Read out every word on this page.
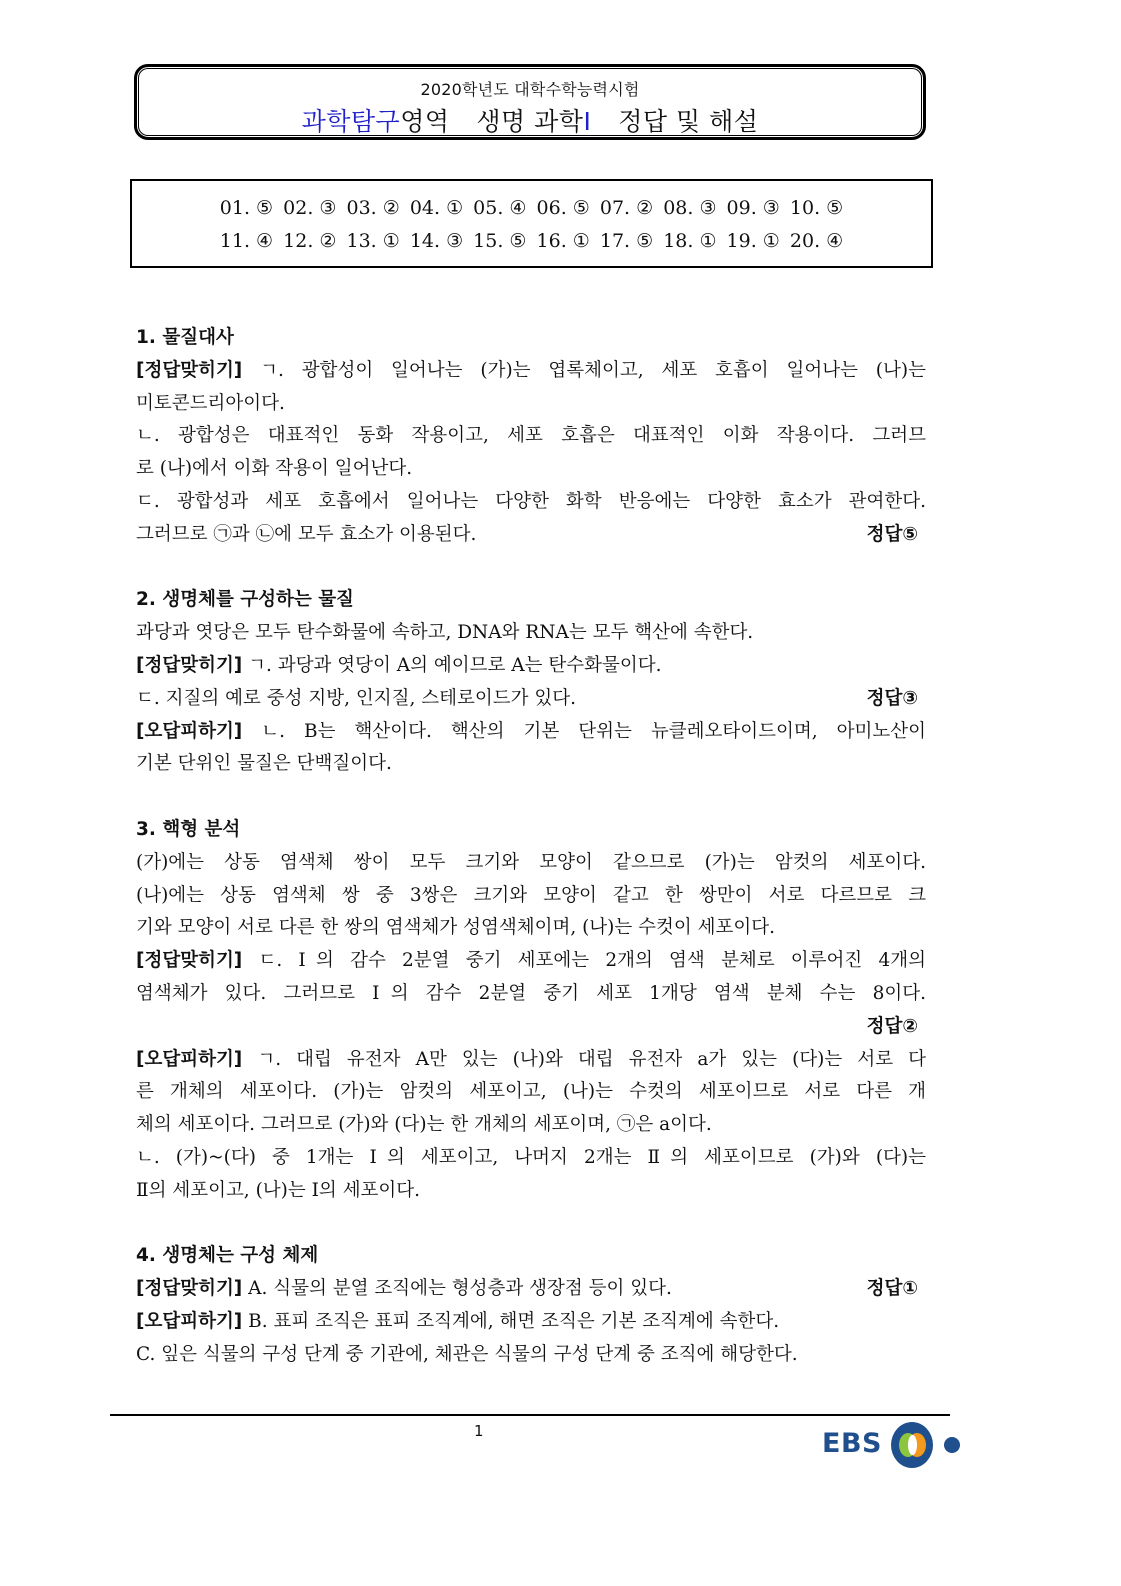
2020학년도 대학수학능력시험
과학탐구영역 생명 과학Ⅰ 정답 및 해설
01. ⑤ 02. ③ 03. ② 04. ① 05. ④ 06. ⑤ 07. ② 08. ③ 09. ③ 10. ⑤
11. ④ 12. ② 13. ① 14. ③ 15. ⑤ 16. ① 17. ⑤ 18. ① 19. ① 20. ④
1. 물질대사
[정답맞히기] ㄱ. 광합성이 일어나는 (가)는 엽록체이고, 세포 호흡이 일어나는 (나)는
미토콘드리아이다.
ㄴ. 광합성은 대표적인 동화 작용이고, 세포 호흡은 대표적인 이화 작용이다. 그러므
로 (나)에서 이화 작용이 일어난다.
ㄷ. 광합성과 세포 호흡에서 일어나는 다양한 화학 반응에는 다양한 효소가 관여한다.
그러므로 ㉠과 ㉡에 모두 효소가 이용된다.	정답⑤
2. 생명체를 구성하는 물질
과당과 엿당은 모두 탄수화물에 속하고, DNA와 RNA는 모두 핵산에 속한다.
[정답맞히기] ㄱ. 과당과 엿당이 A의 예이므로 A는 탄수화물이다.
ㄷ. 지질의 예로 중성 지방, 인지질, 스테로이드가 있다.	정답③
[오답피하기] ㄴ. B는 핵산이다. 핵산의 기본 단위는 뉴클레오타이드이며, 아미노산이
기본 단위인 물질은 단백질이다.
3. 핵형 분석
(가)에는 상동 염색체 쌍이 모두 크기와 모양이 같으므로 (가)는 암컷의 세포이다.
(나)에는 상동 염색체 쌍 중 3쌍은 크기와 모양이 같고 한 쌍만이 서로 다르므로 크
기와 모양이 서로 다른 한 쌍의 염색체가 성염색체이며, (나)는 수컷이 세포이다.
[정답맞히기] ㄷ. Ⅰ의 감수 2분열 중기 세포에는 2개의 염색 분체로 이루어진 4개의
염색체가 있다. 그러므로 Ⅰ의 감수 2분열 중기 세포 1개당 염색 분체 수는 8이다.
정답②
[오답피하기] ㄱ. 대립 유전자 A만 있는 (나)와 대립 유전자 a가 있는 (다)는 서로 다
른 개체의 세포이다. (가)는 암컷의 세포이고, (나)는 수컷의 세포이므로 서로 다른 개
체의 세포이다. 그러므로 (가)와 (다)는 한 개체의 세포이며, ㉠은 a이다.
ㄴ. (가)~(다) 중 1개는 Ⅰ의 세포이고, 나머지 2개는 Ⅱ의 세포이므로 (가)와 (다)는
Ⅱ의 세포이고, (나)는 Ⅰ의 세포이다.
4. 생명체는 구성 체제
[정답맞히기] A. 식물의 분열 조직에는 형성층과 생장점 등이 있다.	정답①
[오답피하기] B. 표피 조직은 표피 조직계에, 해면 조직은 기본 조직계에 속한다.
C. 잎은 식물의 구성 단계 중 기관에, 체관은 식물의 구성 단계 중 조직에 해당한다.
1	EBS
